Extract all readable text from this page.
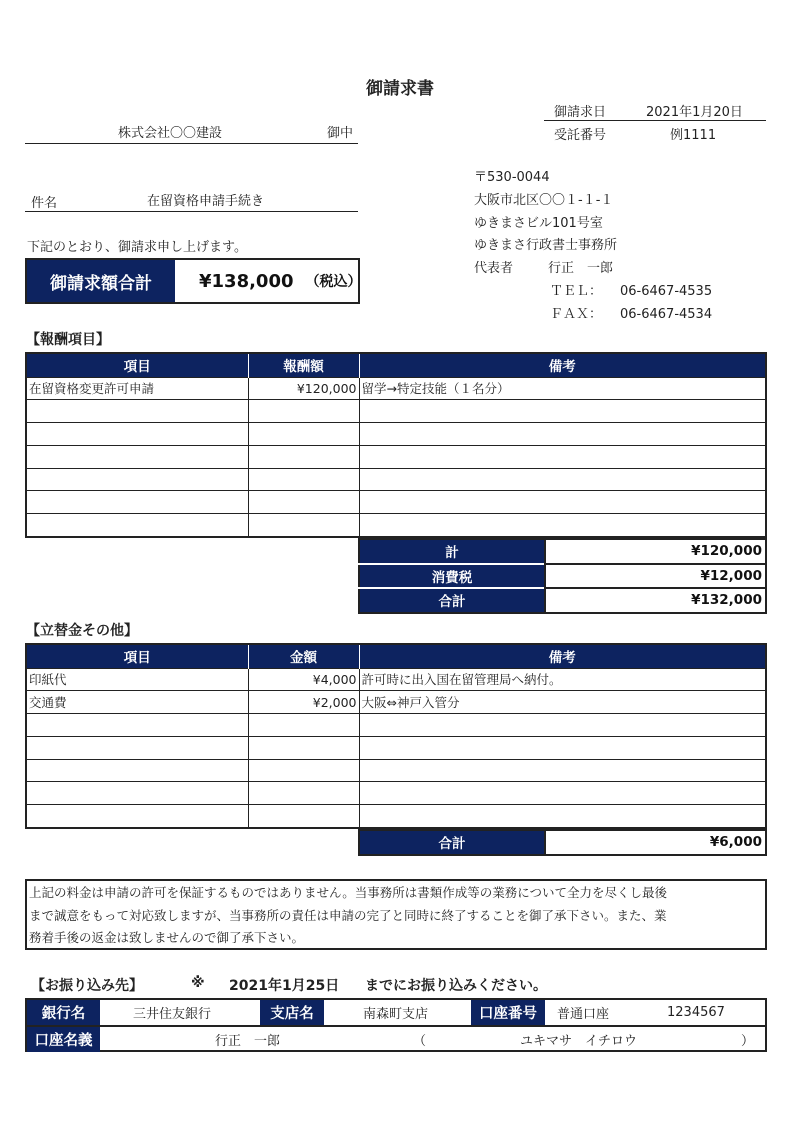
御請求書
御請求日	2021年1月20日
受託番号	例1111
株式会社〇〇建設	御中
件名	在留資格申請手続き
下記のとおり、御請求申し上げます。
御請求額合計	¥138,000 （税込）
〒530-0044
大阪市北区〇〇１-１-１
ゆきまさビル101号室
ゆきまさ行政書士事務所
代表者	行正　一郎
ＴＥＬ： 06-6467-4535
ＦＡＸ： 06-6467-4534
【報酬項目】
項目	報酬額	備考
在留資格変更許可申請	¥120,000	留学→特定技能（１名分）

計	¥120,000
消費税	¥12,000
合計	¥132,000
【立替金その他】
項目	金額	備考
印紙代	¥4,000	許可時に出入国在留管理局へ納付。
交通費	¥2,000	大阪⇔神戸入管分

合計	¥6,000
上記の料金は申請の許可を保証するものではありません。当事務所は書類作成等の業務について全力を尽くし最後
まで誠意をもって対応致しますが、当事務所の責任は申請の完了と同時に終了することを御了承下さい。また、業
務着手後の返金は致しませんので御了承下さい。
【お振り込み先】	※ 2021年1月25日 までにお振り込みください。
銀行名	三井住友銀行	支店名	南森町支店	口座番号	普通口座	1234567
口座名義	行正　一郎	（	ユキマサ　イチロウ	）
